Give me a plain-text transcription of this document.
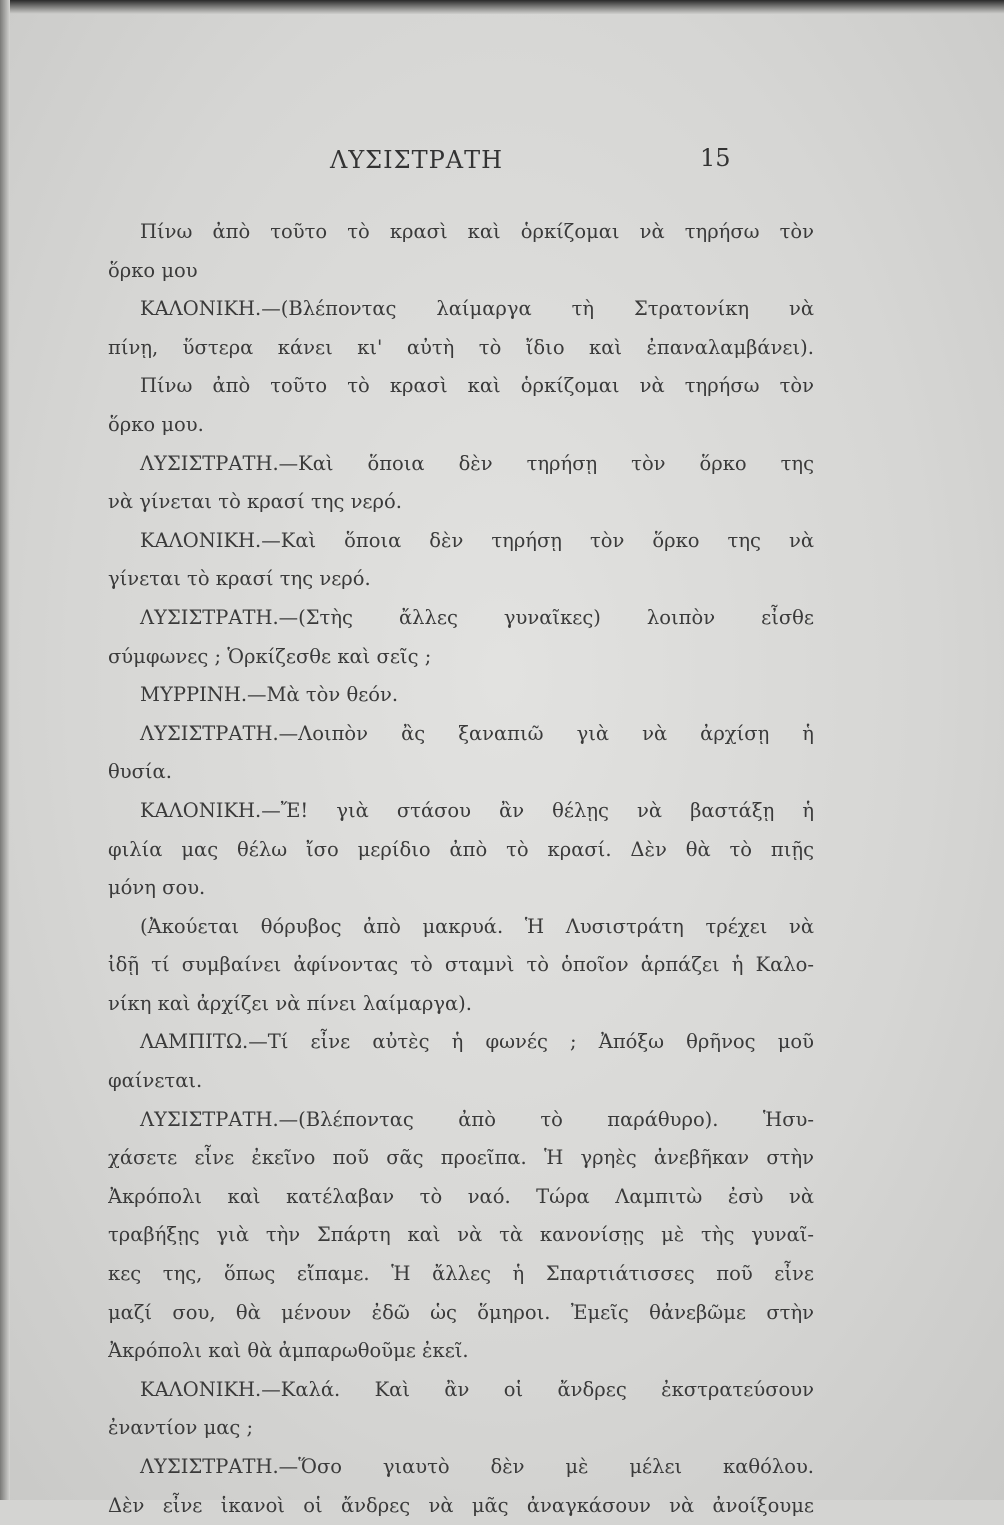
ΛΥΣΙΣΤΡΑΤΗ	15
Πίνω ἀπὸ τοῦτο τὸ κρασὶ καὶ ὁρκίζομαι νὰ τηρήσω τὸν
ὅρκο μου
ΚΑΛΟΝΙΚΗ.—(Βλέποντας λαίμαργα τὴ Στρατονίκη νὰ
πίνῃ, ὕστερα κάνει κι' αὐτὴ τὸ ἴδιο καὶ ἐπαναλαμβάνει).
Πίνω ἀπὸ τοῦτο τὸ κρασὶ καὶ ὁρκίζομαι νὰ τηρήσω τὸν
ὅρκο μου.
ΛΥΣΙΣΤΡΑΤΗ.—Καὶ ὅποια δὲν τηρήσῃ τὸν ὅρκο της
νὰ γίνεται τὸ κρασί της νερό.
ΚΑΛΟΝΙΚΗ.—Καὶ ὅποια δὲν τηρήσῃ τὸν ὅρκο της νὰ
γίνεται τὸ κρασί της νερό.
ΛΥΣΙΣΤΡΑΤΗ.—(Στὴς ἄλλες γυναῖκες) λοιπὸν εἶσθε
σύμφωνες ; Ὁρκίζεσθε καὶ σεῖς ;
ΜΥΡΡΙΝΗ.—Μὰ τὸν θεόν.
ΛΥΣΙΣΤΡΑΤΗ.—Λοιπὸν ἂς ξαναπιῶ γιὰ νὰ ἀρχίσῃ ἡ
θυσία.
ΚΑΛΟΝΙΚΗ.—Ἔ! γιὰ στάσου ἂν θέλῃς νὰ βαστάξῃ ἡ
φιλία μας θέλω ἴσο μερίδιο ἀπὸ τὸ κρασί. Δὲν θὰ τὸ πιῇς
μόνη σου.
(Ἀκούεται θόρυβος ἀπὸ μακρυά. Ἡ Λυσιστράτη τρέχει νὰ
ἰδῇ τί συμβαίνει ἀφίνοντας τὸ σταμνὶ τὸ ὁποῖον ἁρπάζει ἡ Καλο-
νίκη καὶ ἀρχίζει νὰ πίνει λαίμαργα).
ΛΑΜΠΙΤΩ.—Τί εἶνε αὐτὲς ἡ φωνές ; Ἀπόξω θρῆνος μοῦ
φαίνεται.
ΛΥΣΙΣΤΡΑΤΗ.—(Βλέποντας ἀπὸ τὸ παράθυρο). Ἡσυ-
χάσετε εἶνε ἐκεῖνο ποῦ σᾶς προεῖπα. Ἡ γρηὲς ἀνεβῆκαν στὴν
Ἀκρόπολι καὶ κατέλαβαν τὸ ναό. Τώρα Λαμπιτὼ ἐσὺ νὰ
τραβήξῃς γιὰ τὴν Σπάρτη καὶ νὰ τὰ κανονίσῃς μὲ τὴς γυναῖ-
κες της, ὅπως εἴπαμε. Ἡ ἄλλες ἡ Σπαρτιάτισσες ποῦ εἶνε
μαζί σου, θὰ μένουν ἐδῶ ὡς ὅμηροι. Ἐμεῖς θἀνεβῶμε στὴν
Ἀκρόπολι καὶ θὰ ἀμπαρωθοῦμε ἐκεῖ.
ΚΑΛΟΝΙΚΗ.—Καλά. Καὶ ἂν οἱ ἄνδρες ἐκστρατεύσουν
ἐναντίον μας ;
ΛΥΣΙΣΤΡΑΤΗ.—Ὅσο γιαυτὸ δὲν μὲ μέλει καθόλου.
Δὲν εἶνε ἱκανοὶ οἱ ἄνδρες νὰ μᾶς ἀναγκάσουν νὰ ἀνοίξουμε
